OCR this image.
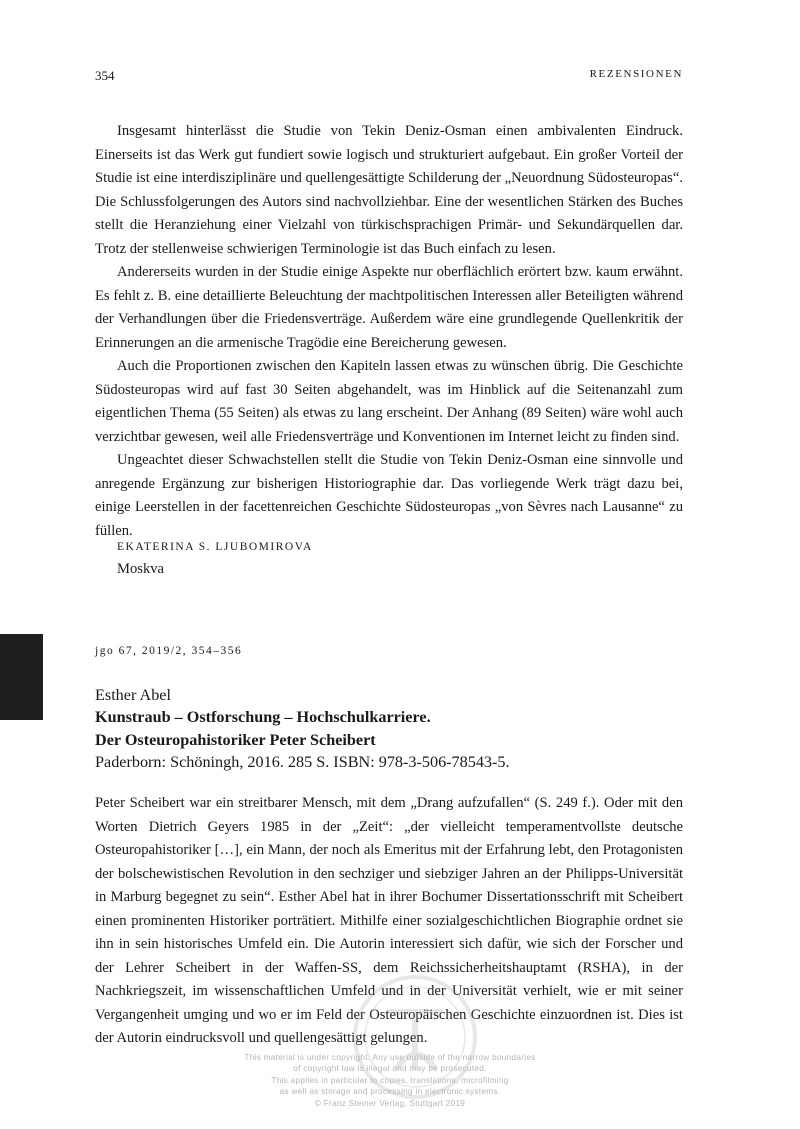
354	REZENSIONEN

Insgesamt hinterlässt die Studie von Tekin Deniz-Osman einen ambivalenten Eindruck. Einerseits ist das Werk gut fundiert sowie logisch und strukturiert aufgebaut. Ein großer Vorteil der Studie ist eine interdisziplinäre und quellengesättigte Schilderung der „Neuordnung Südosteuropas“. Die Schlussfolgerungen des Autors sind nachvollziehbar. Eine der wesentlichen Stärken des Buches stellt die Heranziehung einer Vielzahl von türkischsprachigen Primär- und Sekundärquellen dar. Trotz der stellenweise schwierigen Terminologie ist das Buch einfach zu lesen.

Andererseits wurden in der Studie einige Aspekte nur oberflächlich erörtert bzw. kaum erwähnt. Es fehlt z. B. eine detaillierte Beleuchtung der machtpolitischen Interessen aller Beteiligten während der Verhandlungen über die Friedensverträge. Außerdem wäre eine grundlegende Quellenkritik der Erinnerungen an die armenische Tragödie eine Bereicherung gewesen.

Auch die Proportionen zwischen den Kapiteln lassen etwas zu wünschen übrig. Die Geschichte Südosteuropas wird auf fast 30 Seiten abgehandelt, was im Hinblick auf die Seitenanzahl zum eigentlichen Thema (55 Seiten) als etwas zu lang erscheint. Der Anhang (89 Seiten) wäre wohl auch verzichtbar gewesen, weil alle Friedensverträge und Konventionen im Internet leicht zu finden sind.

Ungeachtet dieser Schwachstellen stellt die Studie von Tekin Deniz-Osman eine sinnvolle und anregende Ergänzung zur bisherigen Historiographie dar. Das vorliegende Werk trägt dazu bei, einige Leerstellen in der facettenreichen Geschichte Südosteuropas „von Sèvres nach Lausanne“ zu füllen.

EKATERINA S. LJUBOMIROVA
Moskva
jgo 67, 2019/2, 354–356
Esther Abel
Kunstraub – Ostforschung – Hochschulkarriere.
Der Osteuropahistoriker Peter Scheibert
Paderborn: Schöningh, 2016. 285 S. ISBN: 978-3-506-78543-5.

Peter Scheibert war ein streitbarer Mensch, mit dem „Drang aufzufallen“ (S. 249 f.). Oder mit den Worten Dietrich Geyers 1985 in der „Zeit“: „der vielleicht temperamentvollste deutsche Osteuropahistoriker […], ein Mann, der noch als Emeritus mit der Erfahrung lebt, den Protagonisten der bolschewistischen Revolution in den sechziger und siebziger Jahren an der Philipps-Universität in Marburg begegnet zu sein“. Esther Abel hat in ihrer Bochumer Dissertationsschrift mit Scheibert einen prominenten Historiker porträtiert. Mithilfe einer sozialgeschichtlichen Biographie ordnet sie ihn in sein historisches Umfeld ein. Die Autorin interessiert sich dafür, wie sich der Forscher und der Lehrer Scheibert in der Waffen-SS, dem Reichssicherheitshauptamt (RSHA), in der Nachkriegszeit, im wissenschaftlichen Umfeld und in der Universität verhielt, wie er mit seiner Vergangenheit umging und wo er im Feld der Osteuropäischen Geschichte einzuordnen ist. Dies ist der Autorin eindrucksvoll und quellengesättigt gelungen.

This material is under copyright. Any use outside of the narrow boundaries
of copyright law is illegal and may be prosecuted.
This applies in particular to copies, translations, microfilming
as well as storage and processing in electronic systems.
© Franz Steiner Verlag, Stuttgart 2019
